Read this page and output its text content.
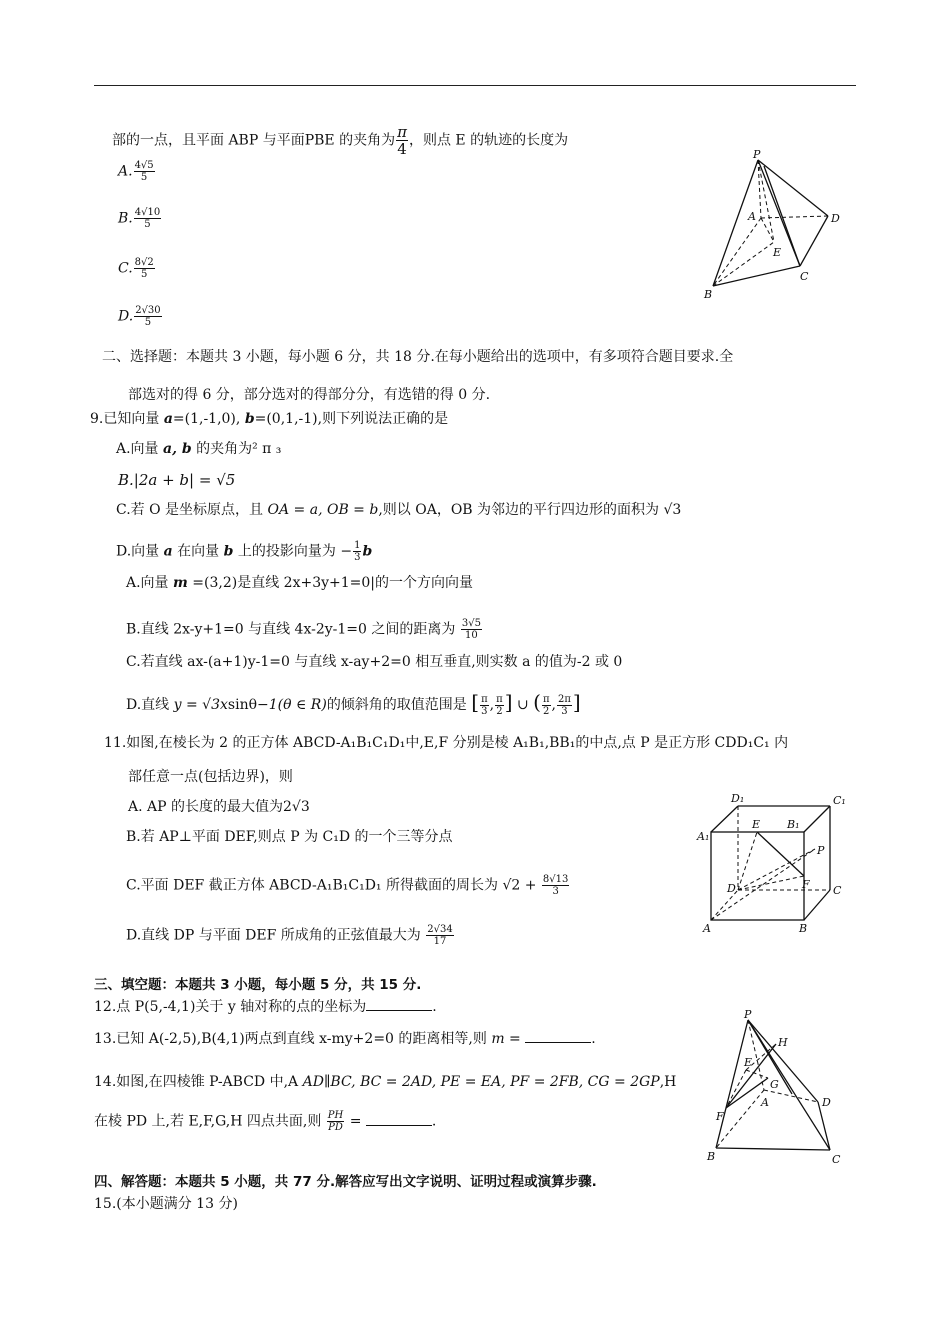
部的一点，且平面 ABP 与平面PBE 的夹角为 $\frac{\pi}{4}$ ，则点 E 的轨迹的长度为
A. $\frac{4√5}{5}$
B. $\frac{4√10}{5}$
C. $\frac{8√2}{5}$
D. $\frac{2√30}{5}$
P
A	D
E
B
C
二、选择题：本题共 3 小题，每小题 6 分，共 18 分.在每小题给出的选项中，有多项符合题目要求.全
部选对的得 6 分，部分选对的得部分分，有选错的得 0 分.
9.已知向量 a=(1,-1,0), b=(0,1,-1),则下列说法正确的是
A.向量 a, b 的夹角为² π ₃
B.|2a + b| = √5
C.若 O 是坐标原点，且 OA = a, OB = b,则以 OA，OB 为邻边的平行四边形的面积为 √3
D.向量 a 在向量 b 上的投影向量为 − $\frac{1}{3}$ b
A.向量 m =(3,2)是直线 2x+3y+1=0|的一个方向向量
B.直线 2x-y+1=0 与直线 4x-2y-1=0 之间的距离为 $\frac{3√5}{10}$
C.若直线 ax-(a+1)y-1=0 与直线 x-ay+2=0 相互垂直,则实数 a 的值为-2 或 0
D.直线 y = √3xsinθ−1(θ ∈ R)的倾斜角的取值范围是 [ $\frac{\pi}{3}$ , $\frac{\pi}{2}$ ] ∪ ( $\frac{\pi}{2}$ , $\frac{2\pi}{3}$ ]
11.如图,在棱长为 2 的正方体 ABCD-A₁B₁C₁D₁中,E,F 分别是棱 A₁B₁,BB₁的中点,点 P 是正方形 CDD₁C₁ 内
部任意一点(包括边界)，则
A. AP 的长度的最大值为2√3
B.若 AP⊥平面 DEF,则点 P 为 C₁D 的一个三等分点
C.平面 DEF 截正方体 ABCD-A₁B₁C₁D₁ 所得截面的周长为 $√2 + \frac{8√13}{3}$
D.直线 DP 与平面 DEF 所成角的正弦值最大为 $\frac{2√34}{17}$
D₁	C₁
E B₁
A₁
P
F
D	C
A	B
三、填空题：本题共 3 小题，每小题 5 分，共 15 分.
12.点 P(5,-4,1)关于 y 轴对称的点的坐标为	.
13.已知 A(-2,5),B(4,1)两点到直线 x-my+2=0 的距离相等,则 m =	.
14.如图,在四棱锥 P-ABCD 中,A AD∥BC, BC = 2AD, PE = EA, PF = 2FB, CG = 2GP,H
在棱 PD 上,若 E,F,G,H 四点共面,则 $\frac{PH}{PD}$ =	.
P
H
E
G
A
F
D
B	C
四、解答题：本题共 5 小题，共 77 分.解答应写出文字说明、证明过程或演算步骤.
15.(本小题满分 13 分)
